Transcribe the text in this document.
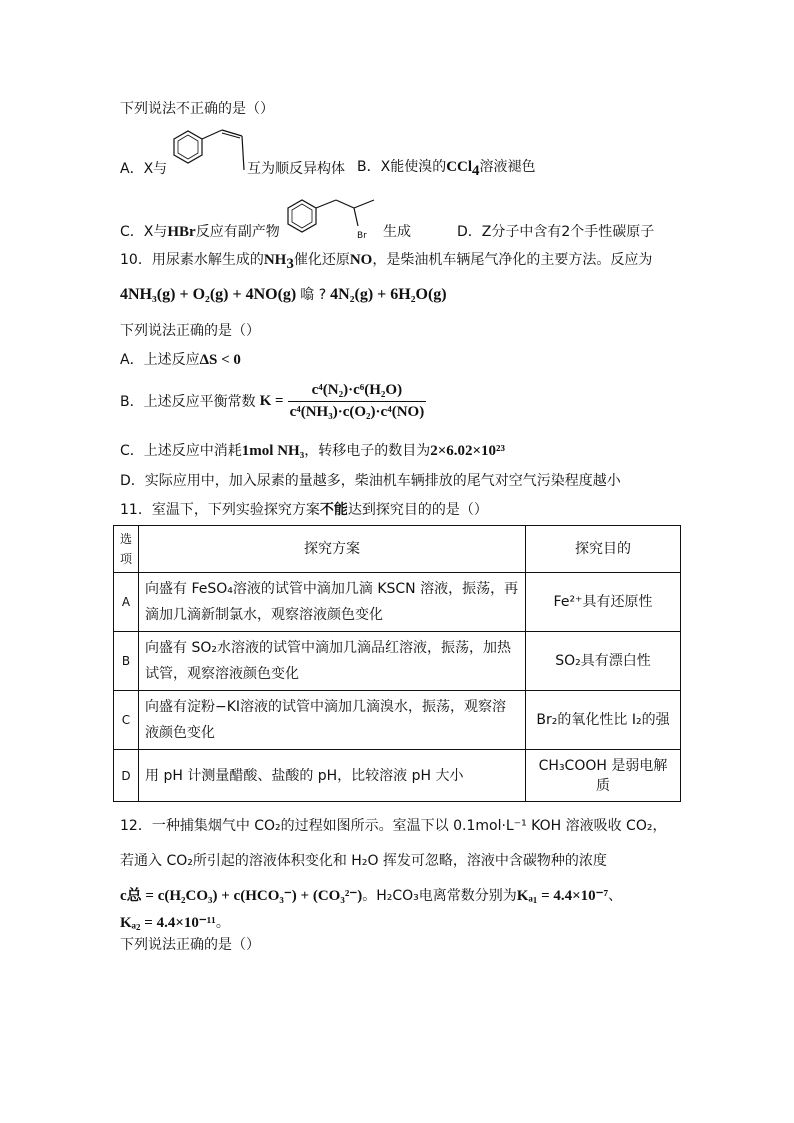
下列说法不正确的是（）
A．X与	互为顺反异构体 B．X能使溴的CCl$_4$溶液褪色
C．X与HBr反应有副产物	Br 生成	D．Z分子中含有2个手性碳原子
10．用尿素水解生成的$NH_3$催化还原NO，是柴油机车辆尾气净化的主要方法。反应为
4NH₃(g) + O₂(g) + 4NO(g) 噏 ? 4N₂(g) + 6H₂O(g)
下列说法正确的是（）
A．上述反应ΔS < 0
B．上述反应平衡常数 $K = \frac{\text{c⁴(N₂)·c⁶(H₂O)}}{\text{c⁴(NH₃)·c(O₂)·c⁴(NO)}}$
C．上述反应中消耗1mol NH₃，转移电子的数目为2×6.02×10²³
D．实际应用中，加入尿素的量越多，柴油机车辆排放的尾气对空气污染程度越小
11．室温下，下列实验探究方案不能达到探究目的的是（）
选项	探究方案	探究目的
A	向盛有 FeSO₄溶液的试管中滴加几滴 KSCN 溶液，振荡，再滴加几滴新制氯水，观察溶液颜色变化	Fe²⁺具有还原性
B	向盛有 SO₂水溶液的试管中滴加几滴品红溶液，振荡，加热试管，观察溶液颜色变化	SO₂具有漂白性
C	向盛有淀粉−KI溶液的试管中滴加几滴溴水，振荡，观察溶液颜色变化	Br₂的氧化性比 I₂的强
D	用 pH 计测量醋酸、盐酸的 pH，比较溶液 pH 大小	CH₃COOH 是弱电解质
12．一种捕集烟气中 CO₂的过程如图所示。室温下以 0.1mol·L⁻¹ KOH 溶液吸收 CO₂，
若通入 CO₂所引起的溶液体积变化和 H₂O 挥发可忽略，溶液中含碳物种的浓度
c总 = c(H₂CO₃) + c(HCO₃⁻) + (CO₃²⁻)。H₂CO₃电离常数分别为Kₐ₁ = 4.4×10⁻⁷、
Kₐ₂ = 4.4×10⁻¹¹。
下列说法正确的是（）
